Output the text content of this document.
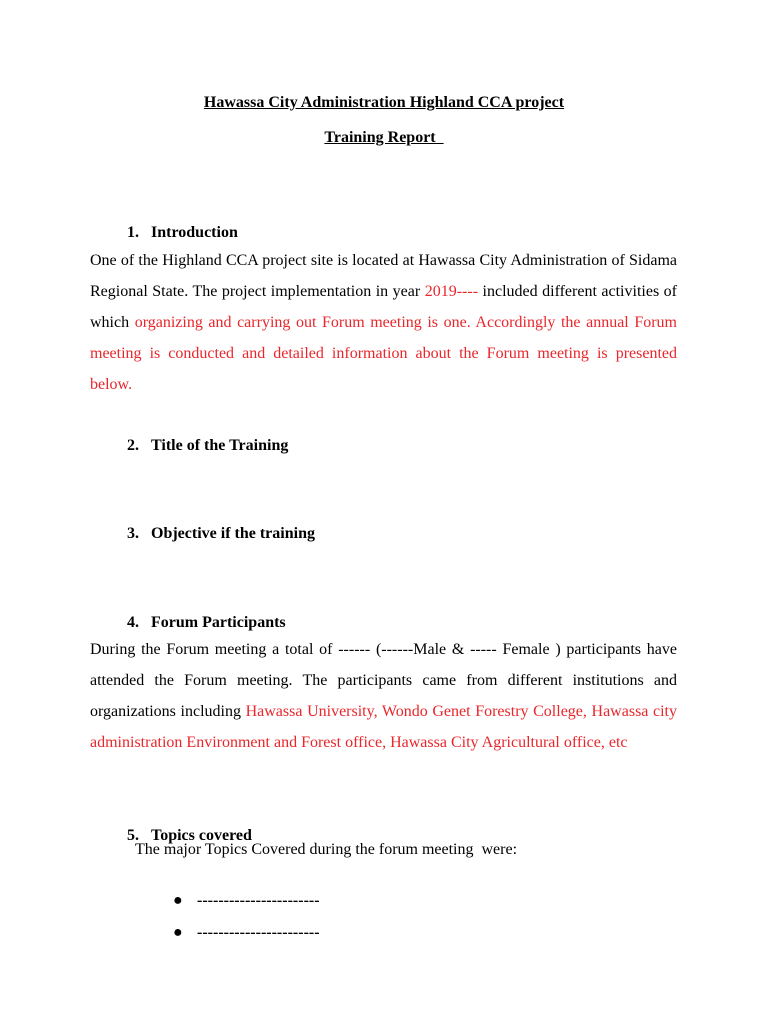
Hawassa City Administration Highland CCA project
Training Report

1. Introduction

One of the Highland CCA project site is located at Hawassa City Administration of Sidama Regional State. The project implementation in year 2019---- included different activities of which organizing and carrying out Forum meeting is one. Accordingly the annual Forum meeting is conducted and detailed information about the Forum meeting is presented below.

2. Title of the Training

3. Objective if the training

4. Forum Participants

During the Forum meeting a total of ------ (------Male & ----- Female ) participants have attended the Forum meeting. The participants came from different institutions and organizations including Hawassa University, Wondo Genet Forestry College, Hawassa city administration Environment and Forest office, Hawassa City Agricultural office, etc

5. Topics covered

The major Topics Covered during the forum meeting  were:

● -----------------------

● -----------------------
